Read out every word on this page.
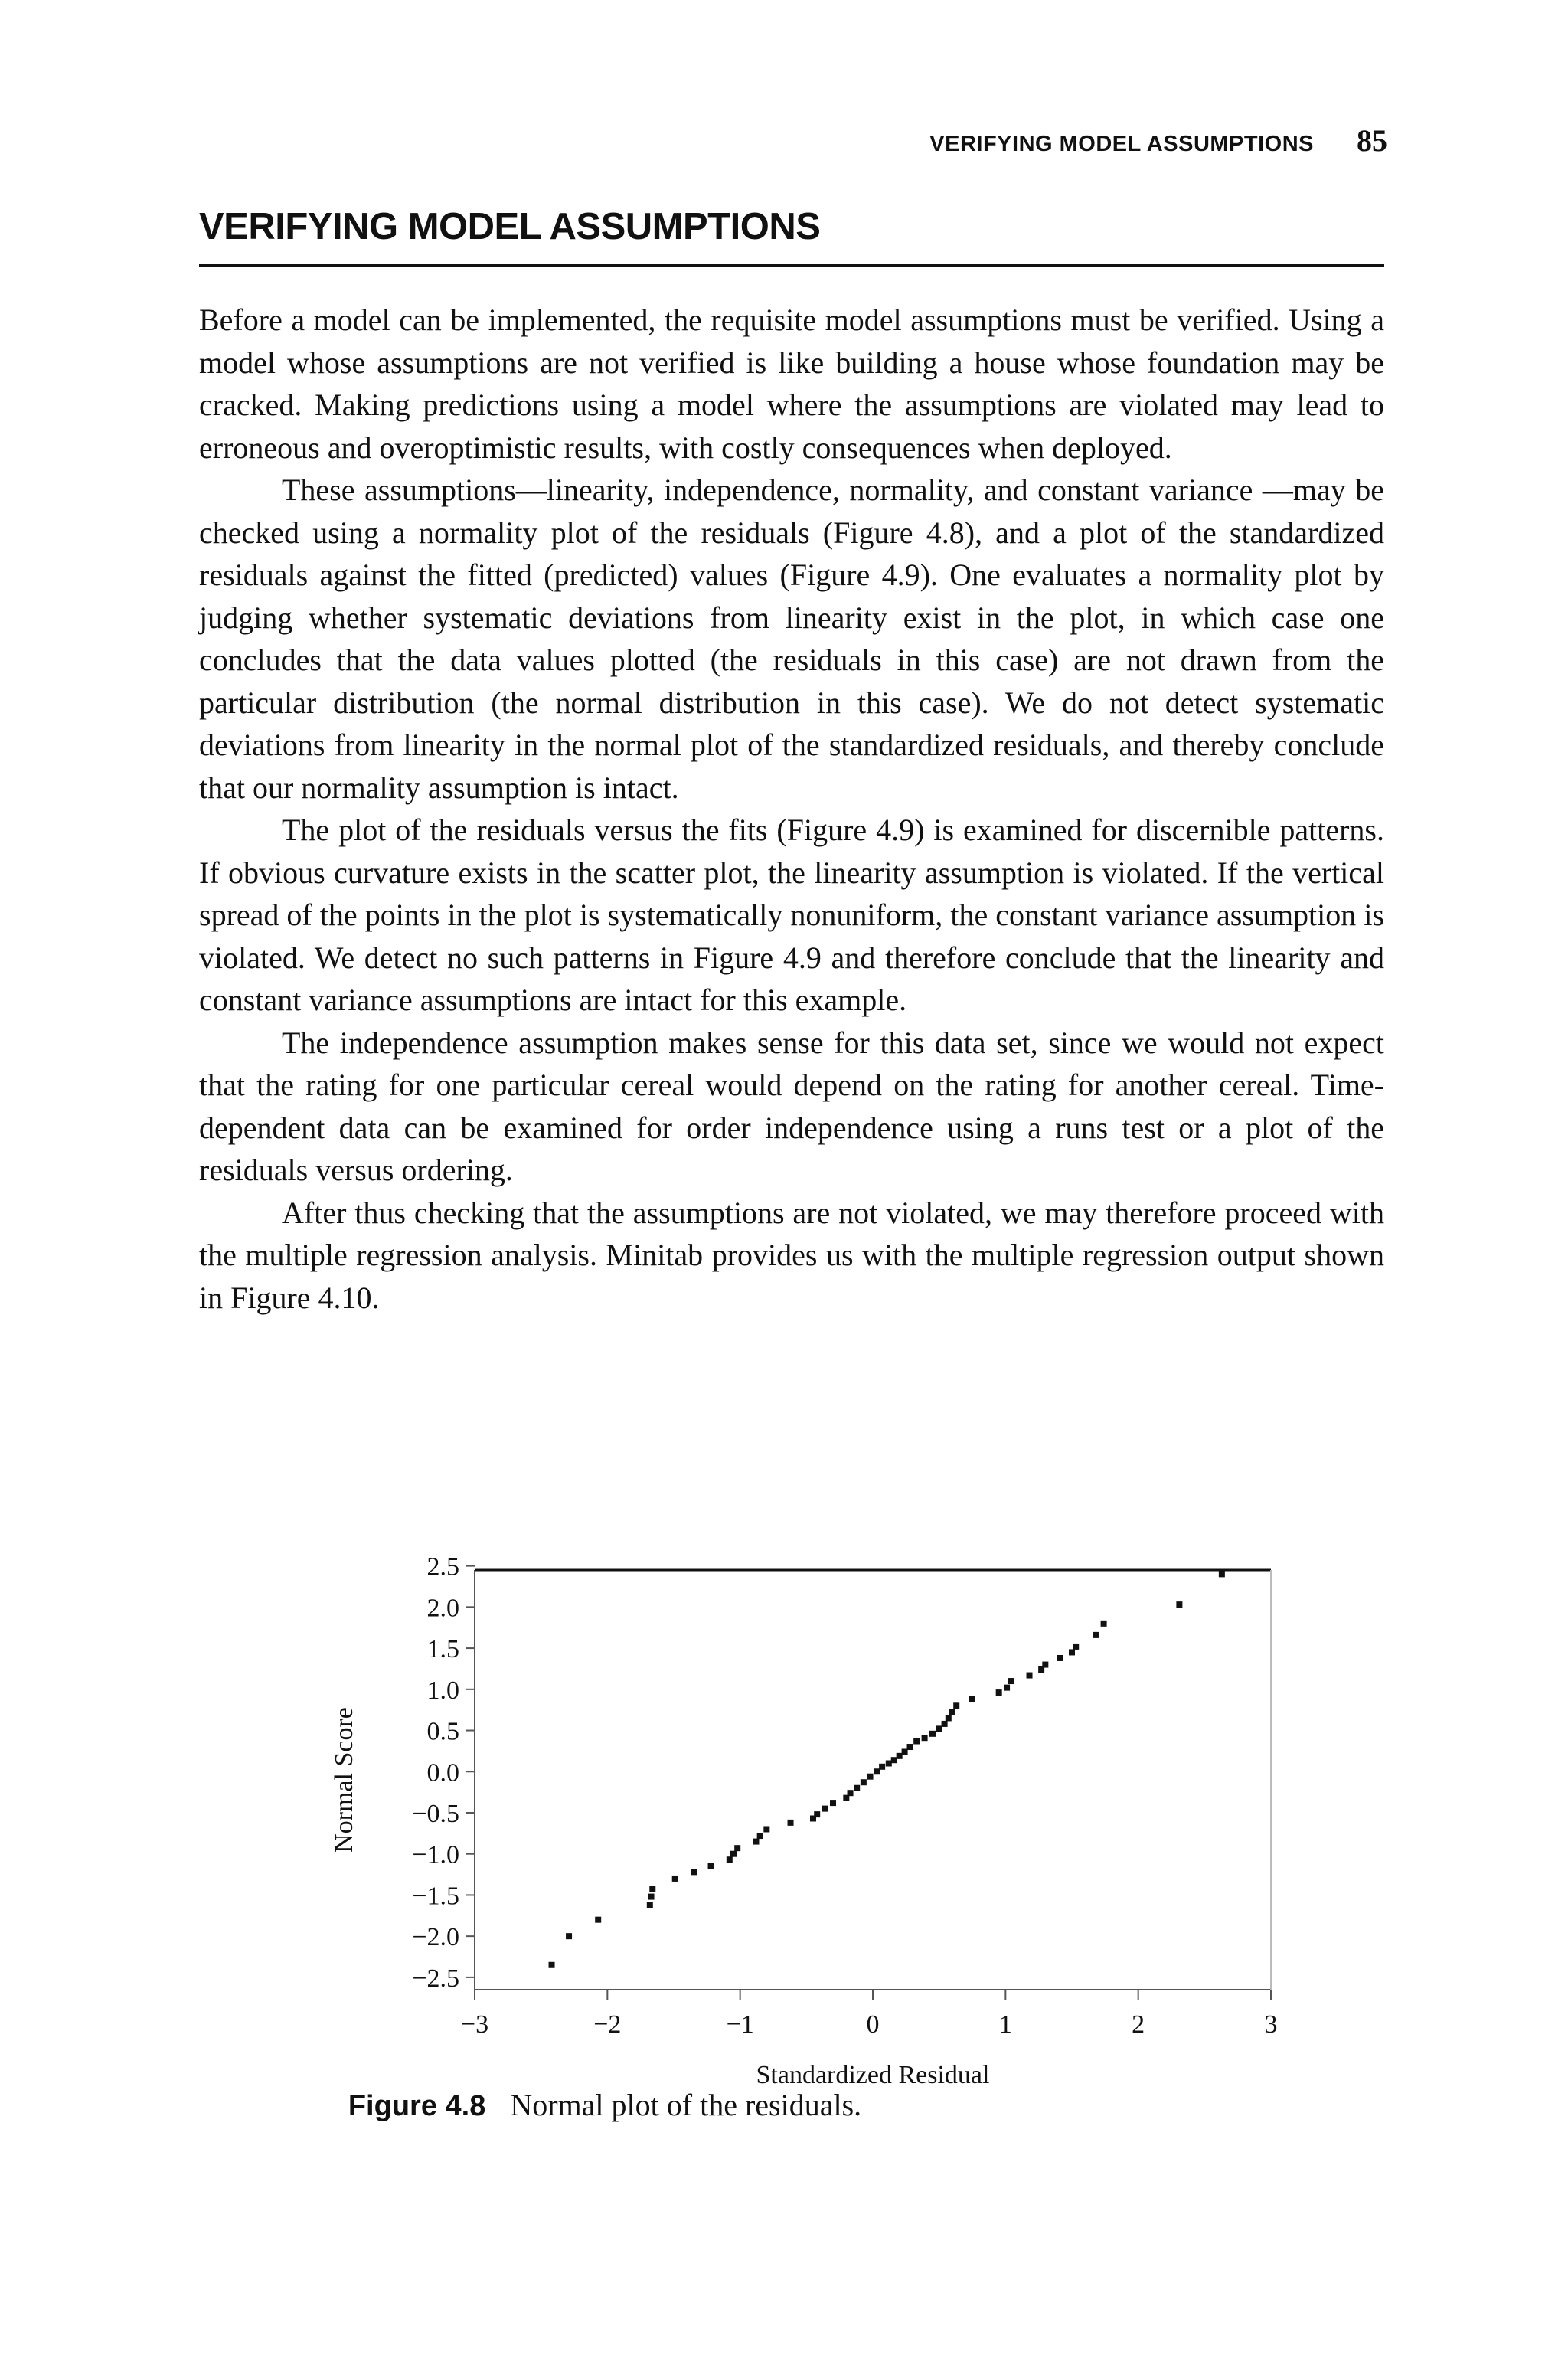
VERIFYING MODEL ASSUMPTIONS 85
VERIFYING MODEL ASSUMPTIONS

Before a model can be implemented, the requisite model assumptions must be verified. Using a model whose assumptions are not verified is like building a house whose foundation may be cracked. Making predictions using a model where the assumptions are violated may lead to erroneous and overoptimistic results, with costly consequences when deployed.

These assumptions—linearity, independence, normality, and constant variance —may be checked using a normality plot of the residuals (Figure 4.8), and a plot of the standardized residuals against the fitted (predicted) values (Figure 4.9). One evaluates a normality plot by judging whether systematic deviations from linearity exist in the plot, in which case one concludes that the data values plotted (the residuals in this case) are not drawn from the particular distribution (the normal distribution in this case). We do not detect systematic deviations from linearity in the normal plot of the standardized residuals, and thereby conclude that our normality assumption is intact.

The plot of the residuals versus the fits (Figure 4.9) is examined for discernible patterns. If obvious curvature exists in the scatter plot, the linearity assumption is violated. If the vertical spread of the points in the plot is systematically nonuniform, the constant variance assumption is violated. We detect no such patterns in Figure 4.9 and therefore conclude that the linearity and constant variance assumptions are intact for this example.

The independence assumption makes sense for this data set, since we would not expect that the rating for one particular cereal would depend on the rating for another cereal. Time-dependent data can be examined for order independence using a runs test or a plot of the residuals versus ordering.

After thus checking that the assumptions are not violated, we may therefore proceed with the multiple regression analysis. Minitab provides us with the multiple regression output shown in Figure 4.10.

2.5
2.0
1.5
1.0
0.5
0.0
−0.5
−1.0
−1.5
−2.0
−2.5
−3	−2	−1	0	1	2	3
Standardized Residual
Normal Score
Figure 4.8 Normal plot of the residuals.
